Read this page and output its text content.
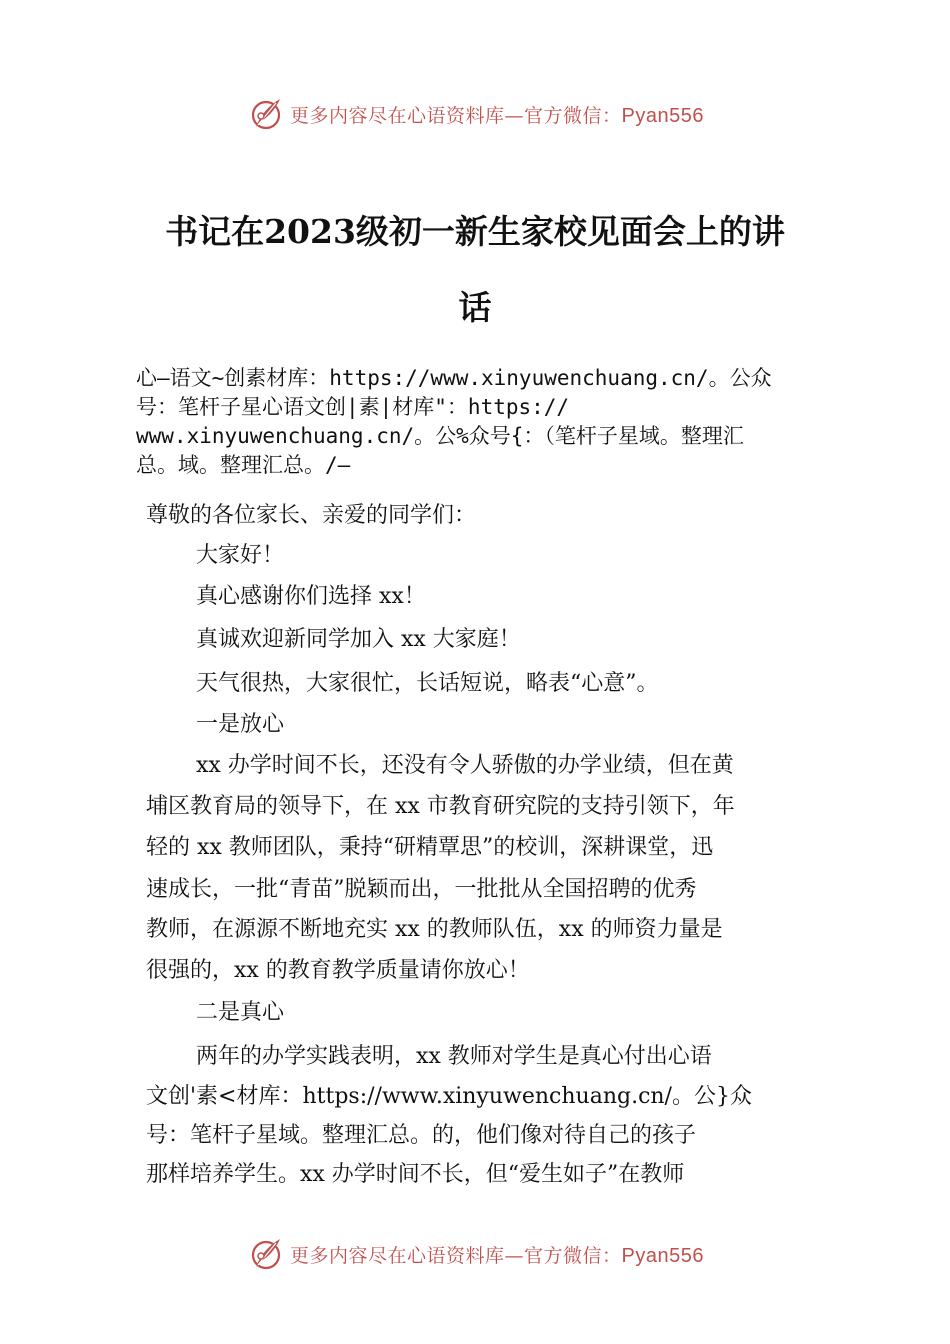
更多内容尽在心语资料库—官方微信：Pyan556
书记在2023级初一新生家校见面会上的讲
话
心—语文~创素材库：https://www.xinyuwenchuang.cn/。公众
号：笔杆子星心语文创|素|材库"：https://
www.xinyuwenchuang.cn/。公%众号{：（笔杆子星域。整理汇
总。域。整理汇总。/—
尊敬的各位家长、亲爱的同学们：
大家好！
真心感谢你们选择 xx！
真诚欢迎新同学加入 xx 大家庭！
天气很热，大家很忙，长话短说，略表“心意”。
一是放心
xx 办学时间不长，还没有令人骄傲的办学业绩，但在黄
埔区教育局的领导下，在 xx 市教育研究院的支持引领下，年
轻的 xx 教师团队，秉持“研精覃思”的校训，深耕课堂，迅
速成长，一批“青苗”脱颖而出，一批批从全国招聘的优秀
教师，在源源不断地充实 xx 的教师队伍，xx 的师资力量是
很强的，xx 的教育教学质量请你放心！
二是真心
两年的办学实践表明，xx 教师对学生是真心付出心语
文创'素<材库：https://www.xinyuwenchuang.cn/。公}众
号：笔杆子星域。整理汇总。的，他们像对待自己的孩子
那样培养学生。xx 办学时间不长，但“爱生如子”在教师
更多内容尽在心语资料库—官方微信：Pyan556
